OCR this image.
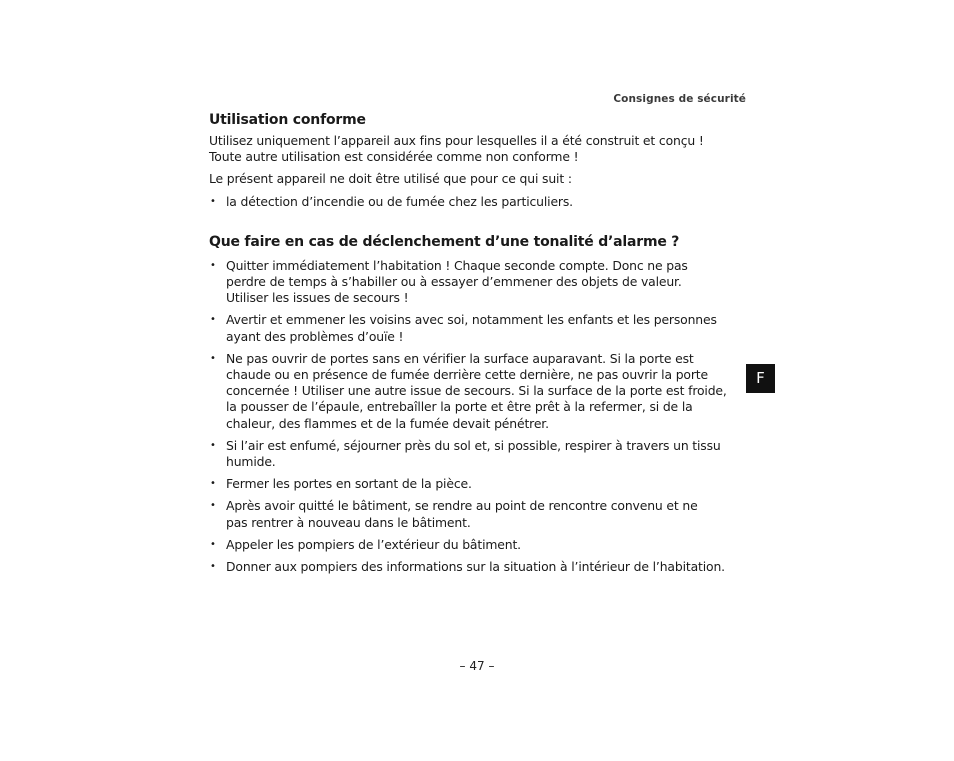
Consignes de sécurité
Utilisation conforme

Utilisez uniquement l’appareil aux fins pour lesquelles il a été construit et conçu !
Toute autre utilisation est considérée comme non conforme !

Le présent appareil ne doit être utilisé que pour ce qui suit :

• la détection d’incendie ou de fumée chez les particuliers.
Que faire en cas de déclenchement d’une tonalité d’alarme ?
• Quitter immédiatement l’habitation ! Chaque seconde compte. Donc ne pas
perdre de temps à s’habiller ou à essayer d’emmener des objets de valeur.
Utiliser les issues de secours !
• Avertir et emmener les voisins avec soi, notamment les enfants et les personnes
ayant des problèmes d’ouïe !
• Ne pas ouvrir de portes sans en vérifier la surface auparavant. Si la porte est
chaude ou en présence de fumée derrière cette dernière, ne pas ouvrir la porte
concernée ! Utiliser une autre issue de secours. Si la surface de la porte est froide,
la pousser de l’épaule, entrebaîller la porte et être prêt à la refermer, si de la
chaleur, des flammes et de la fumée devait pénétrer.
• Si l’air est enfumé, séjourner près du sol et, si possible, respirer à travers un tissu
humide.
• Fermer les portes en sortant de la pièce.
• Après avoir quitté le bâtiment, se rendre au point de rencontre convenu et ne
pas rentrer à nouveau dans le bâtiment.
• Appeler les pompiers de l’extérieur du bâtiment.
• Donner aux pompiers des informations sur la situation à l’intérieur de l’habitation.
F
– 47 –
